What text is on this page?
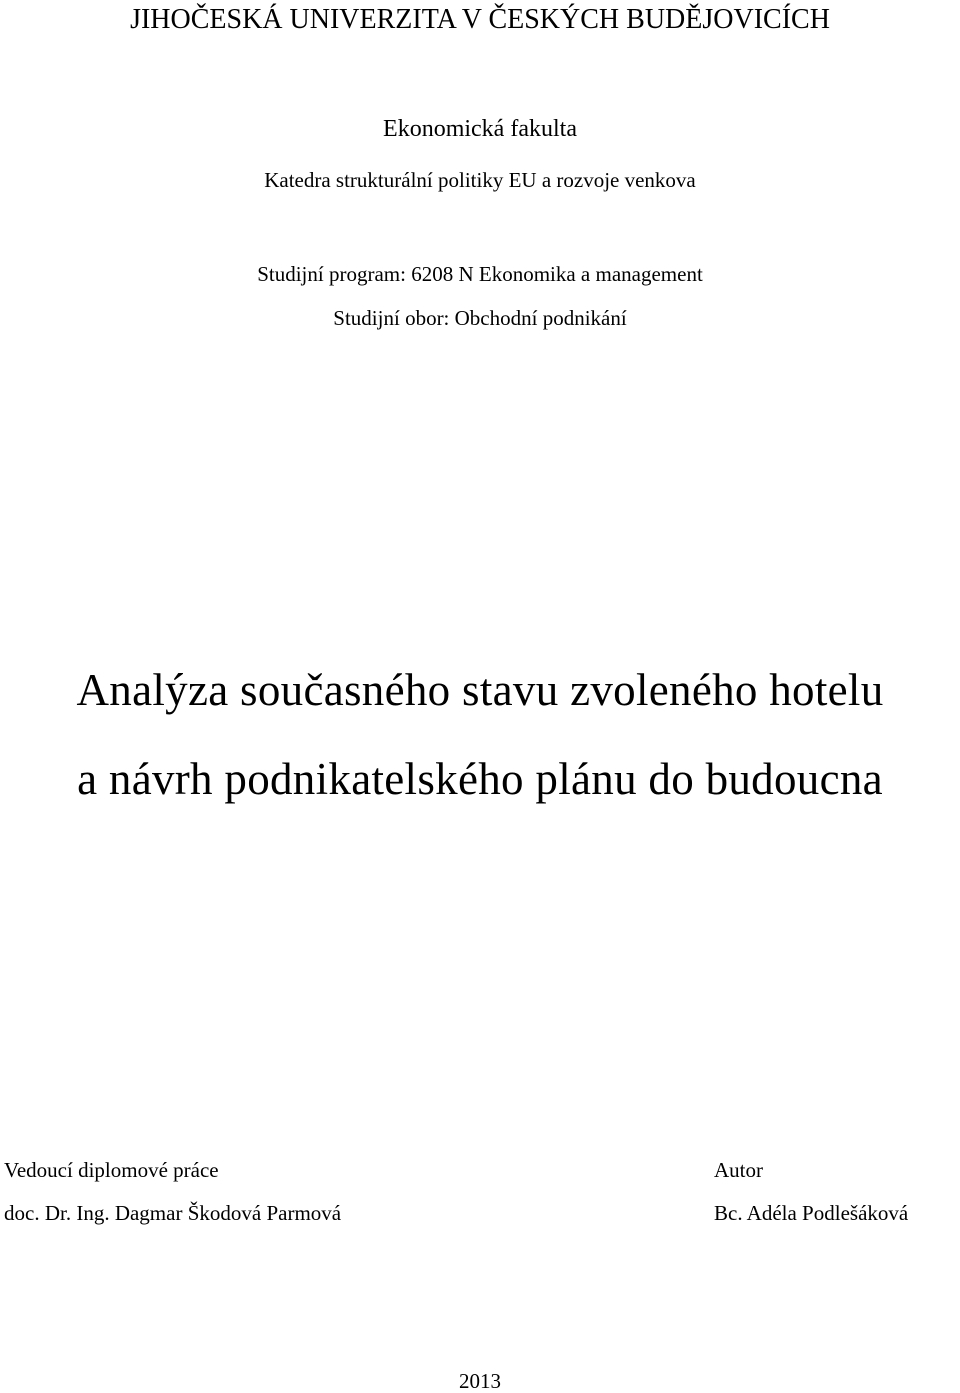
JIHOČESKÁ UNIVERZITA V ČESKÝCH BUDĚJOVICÍCH
Ekonomická fakulta
Katedra strukturální politiky EU a rozvoje venkova
Studijní program: 6208 N Ekonomika a management
Studijní obor: Obchodní podnikání
Analýza současného stavu zvoleného hotelu
a návrh podnikatelského plánu do budoucna
Vedoucí diplomové práce
doc. Dr. Ing. Dagmar Škodová Parmová
Autor
Bc. Adéla Podlešáková
2013
